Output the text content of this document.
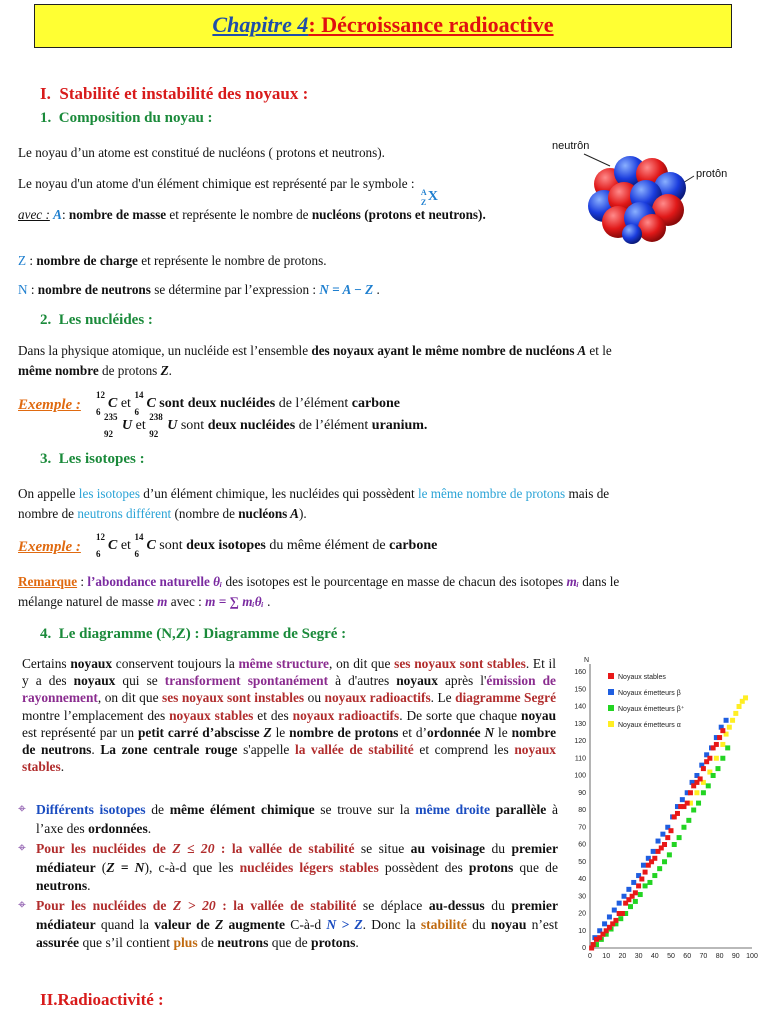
Chapitre 4: Décroissance radioactive
I. Stabilité et instabilité des noyaux :
1. Composition du noyau :
Le noyau d’un atome est constitué de nucléons ( protons et neutrons).
Le noyau d'un atome d'un élément chimique est représenté par le symbole :
A
Z X
avec : A: nombre de masse et représente le nombre de nucléons (protons et neutrons).
Z : nombre de charge et représente le nombre de protons.
N : nombre de neutrons se détermine par l’expression : N = A − Z .
neutrôn
protôn
2. Les nucléides :
Dans la physique atomique, un nucléide est l’ensemble des noyaux ayant le même nombre de nucléons A et le
même nombre de protons Z.
Exemple :
12
6
C et
14
6
C sont deux nucléides de l’élément carbone
235
92
U et
238
92
U sont deux nucléides de l’élément uranium.
3. Les isotopes :
On appelle les isotopes d’un élément chimique, les nucléides qui possèdent le même nombre de protons mais de
nombre de neutrons différent (nombre de nucléons A).
Exemple :
12
6
C et
14
6
C sont deux isotopes du même élément de carbone
Remarque : l’abondance naturelle θᵢ des isotopes est le pourcentage en masse de chacun des isotopes mᵢ dans le
mélange naturel de masse m avec : m = ∑ mᵢθᵢ .
4. Le diagramme (N,Z) : Diagramme de Segré :
Certains noyaux conservent toujours la même structure, on dit que ses noyaux sont stables. Et il y a des noyaux qui se transforment spontanément à d'autres noyaux après l'émission de rayonnement, on dit que ses noyaux sont instables ou noyaux radioactifs. Le diagramme Segré montre l’emplacement des noyaux stables et des noyaux radioactifs. De sorte que chaque noyau est représenté par un petit carré d’abscisse Z le nombre de protons et d’ordonnée N le nombre de neutrons. La zone centrale rouge s'appelle la vallée de stabilité et comprend les noyaux stables.
⌖ Différents isotopes de même élément chimique se trouve sur la même droite parallèle à l’axe des ordonnées.
⌖ Pour les nucléides de Z ≤ 20 : la vallée de stabilité se situe au voisinage du premier médiateur (Z = N), c-à-d que les nucléides légers stables possèdent des protons que de neutrons.
⌖ Pour les nucléides de Z > 20 : la vallée de stabilité se déplace au-dessus du premier médiateur quand la valeur de Z augmente C-à-d N > Z. Donc la stabilité du noyau n’est assurée que s’il contient plus de neutrons que de protons.
N
0 10 20 30 40 50 60 70 80 90 100
0
10
20
30
40
50
60
70
80
90
100
110
120
130
140
150
160
Noyaux stables
Noyaux émetteurs β
Noyaux émetteurs β⁺
Noyaux émetteurs α
II.Radioactivité :
